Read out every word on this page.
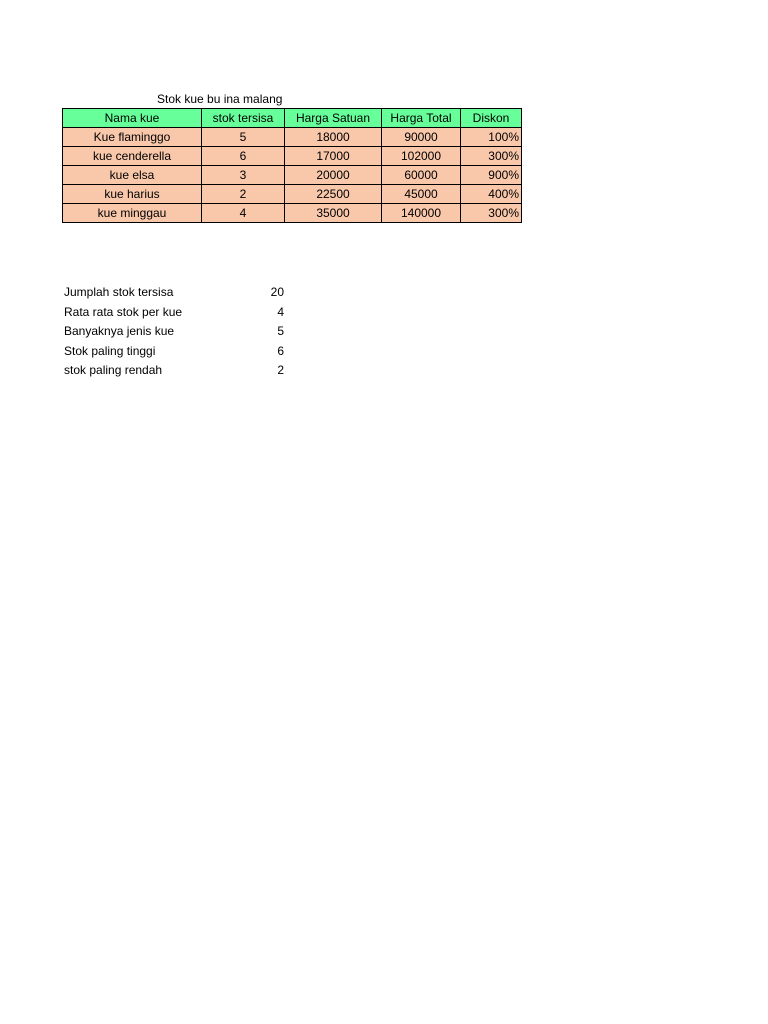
Stok kue bu ina malang
Nama kue	stok tersisa	Harga Satuan	Harga Total	Diskon
Kue flaminggo	5	18000	90000	100%
kue cenderella	6	17000	102000	300%
kue elsa	3	20000	60000	900%
kue harius	2	22500	45000	400%
kue minggau	4	35000	140000	300%
Jumplah stok tersisa	20
Rata rata stok per kue	4
Banyaknya jenis kue	5
Stok paling tinggi	6
stok paling rendah	2
